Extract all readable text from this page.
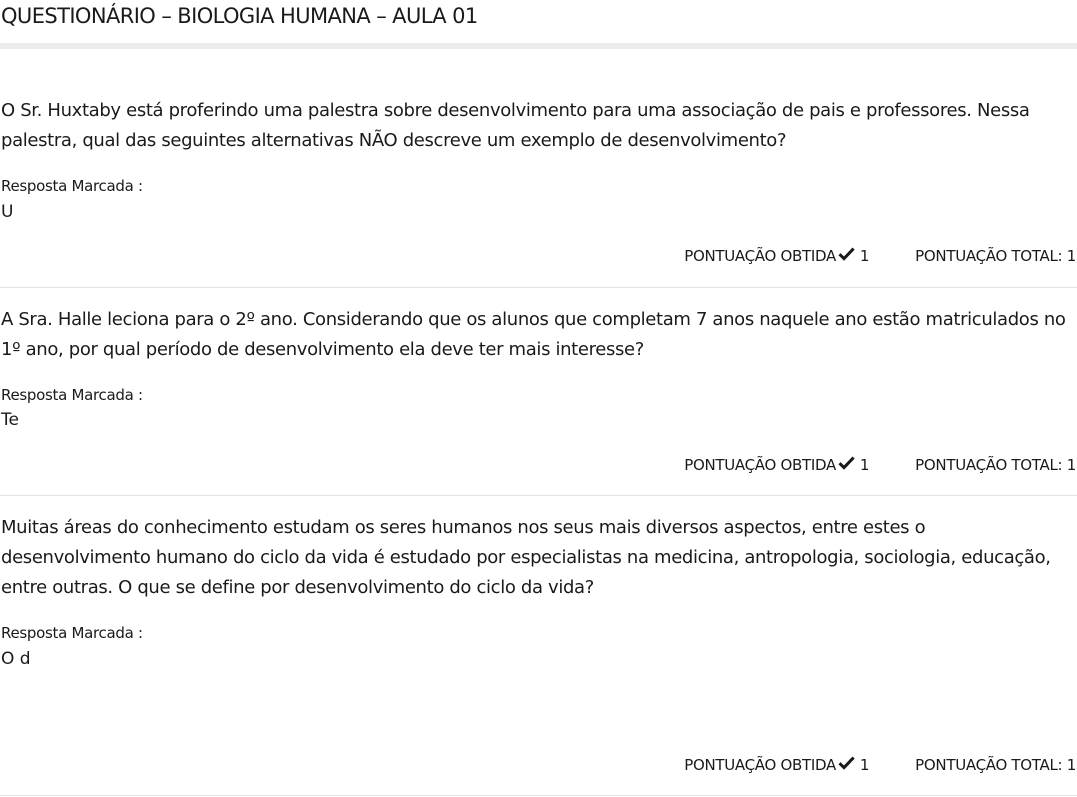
QUESTIONÁRIO – BIOLOGIA HUMANA – AULA 01
O Sr. Huxtaby está proferindo uma palestra sobre desenvolvimento para uma associação de pais e professores. Nessa palestra, qual das seguintes alternativas NÃO descreve um exemplo de desenvolvimento?
Resposta Marcada :
U
PONTUAÇÃO OBTIDA 1	PONTUAÇÃO TOTAL:
1
A Sra. Halle leciona para o 2º ano. Considerando que os alunos que completam 7 anos naquele ano estão matriculados no 1º ano, por qual período de desenvolvimento ela deve ter mais interesse?
Resposta Marcada :
Te
PONTUAÇÃO OBTIDA 1	PONTUAÇÃO TOTAL:
1
Muitas áreas do conhecimento estudam os seres humanos nos seus mais diversos aspectos, entre estes o desenvolvimento humano do ciclo da vida é estudado por especialistas na medicina, antropologia, sociologia, educação, entre outras. O que se define por desenvolvimento do ciclo da vida?
Resposta Marcada :
O d
PONTUAÇÃO OBTIDA 1	PONTUAÇÃO TOTAL:
1
